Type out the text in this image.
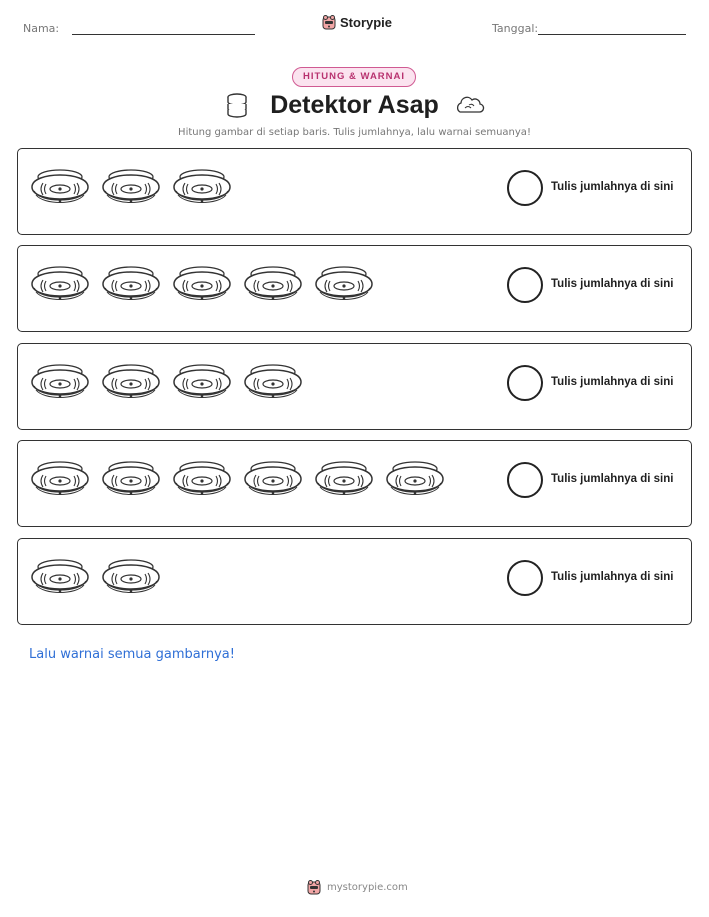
Nama:	Storypie	Tanggal:
HITUNG & WARNAI
Detektor Asap
Hitung gambar di setiap baris. Tulis jumlahnya, lalu warnai semuanya!
Tulis jumlahnya di sini
Tulis jumlahnya di sini
Tulis jumlahnya di sini
Tulis jumlahnya di sini
Tulis jumlahnya di sini
Lalu warnai semua gambarnya!
mystorypie.com
